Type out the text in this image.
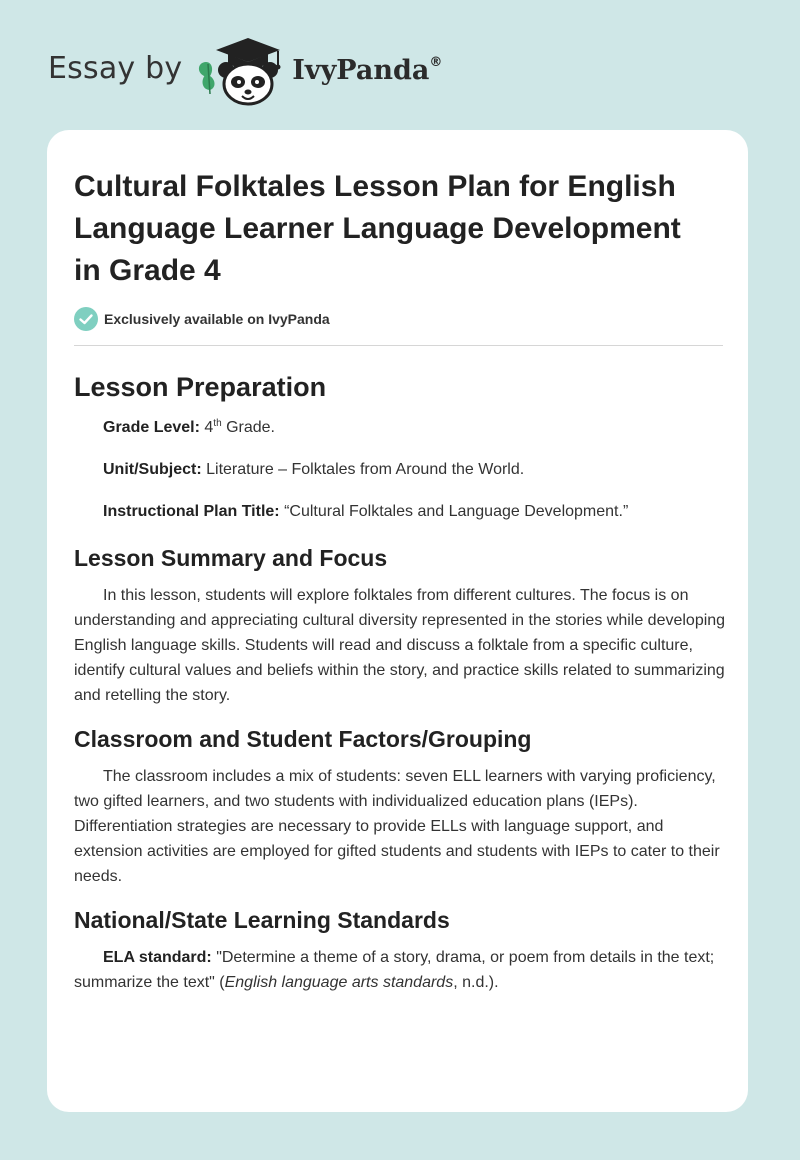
Essay by	IvyPanda®
Cultural Folktales Lesson Plan for English Language Learner Language Development in Grade 4
Exclusively available on IvyPanda
Lesson Preparation
Grade Level: 4th Grade.
Unit/Subject: Literature – Folktales from Around the World.
Instructional Plan Title: “Cultural Folktales and Language Development.”
Lesson Summary and Focus

In this lesson, students will explore folktales from different cultures. The focus is on understanding and appreciating cultural diversity represented in the stories while developing English language skills. Students will read and discuss a folktale from a specific culture, identify cultural values and beliefs within the story, and practice skills related to summarizing and retelling the story.

Classroom and Student Factors/Grouping

The classroom includes a mix of students: seven ELL learners with varying proficiency, two gifted learners, and two students with individualized education plans (IEPs). Differentiation strategies are necessary to provide ELLs with language support, and extension activities are employed for gifted students and students with IEPs to cater to their needs.

National/State Learning Standards

ELA standard: "Determine a theme of a story, drama, or poem from details in the text; summarize the text" (English language arts standards, n.d.).
